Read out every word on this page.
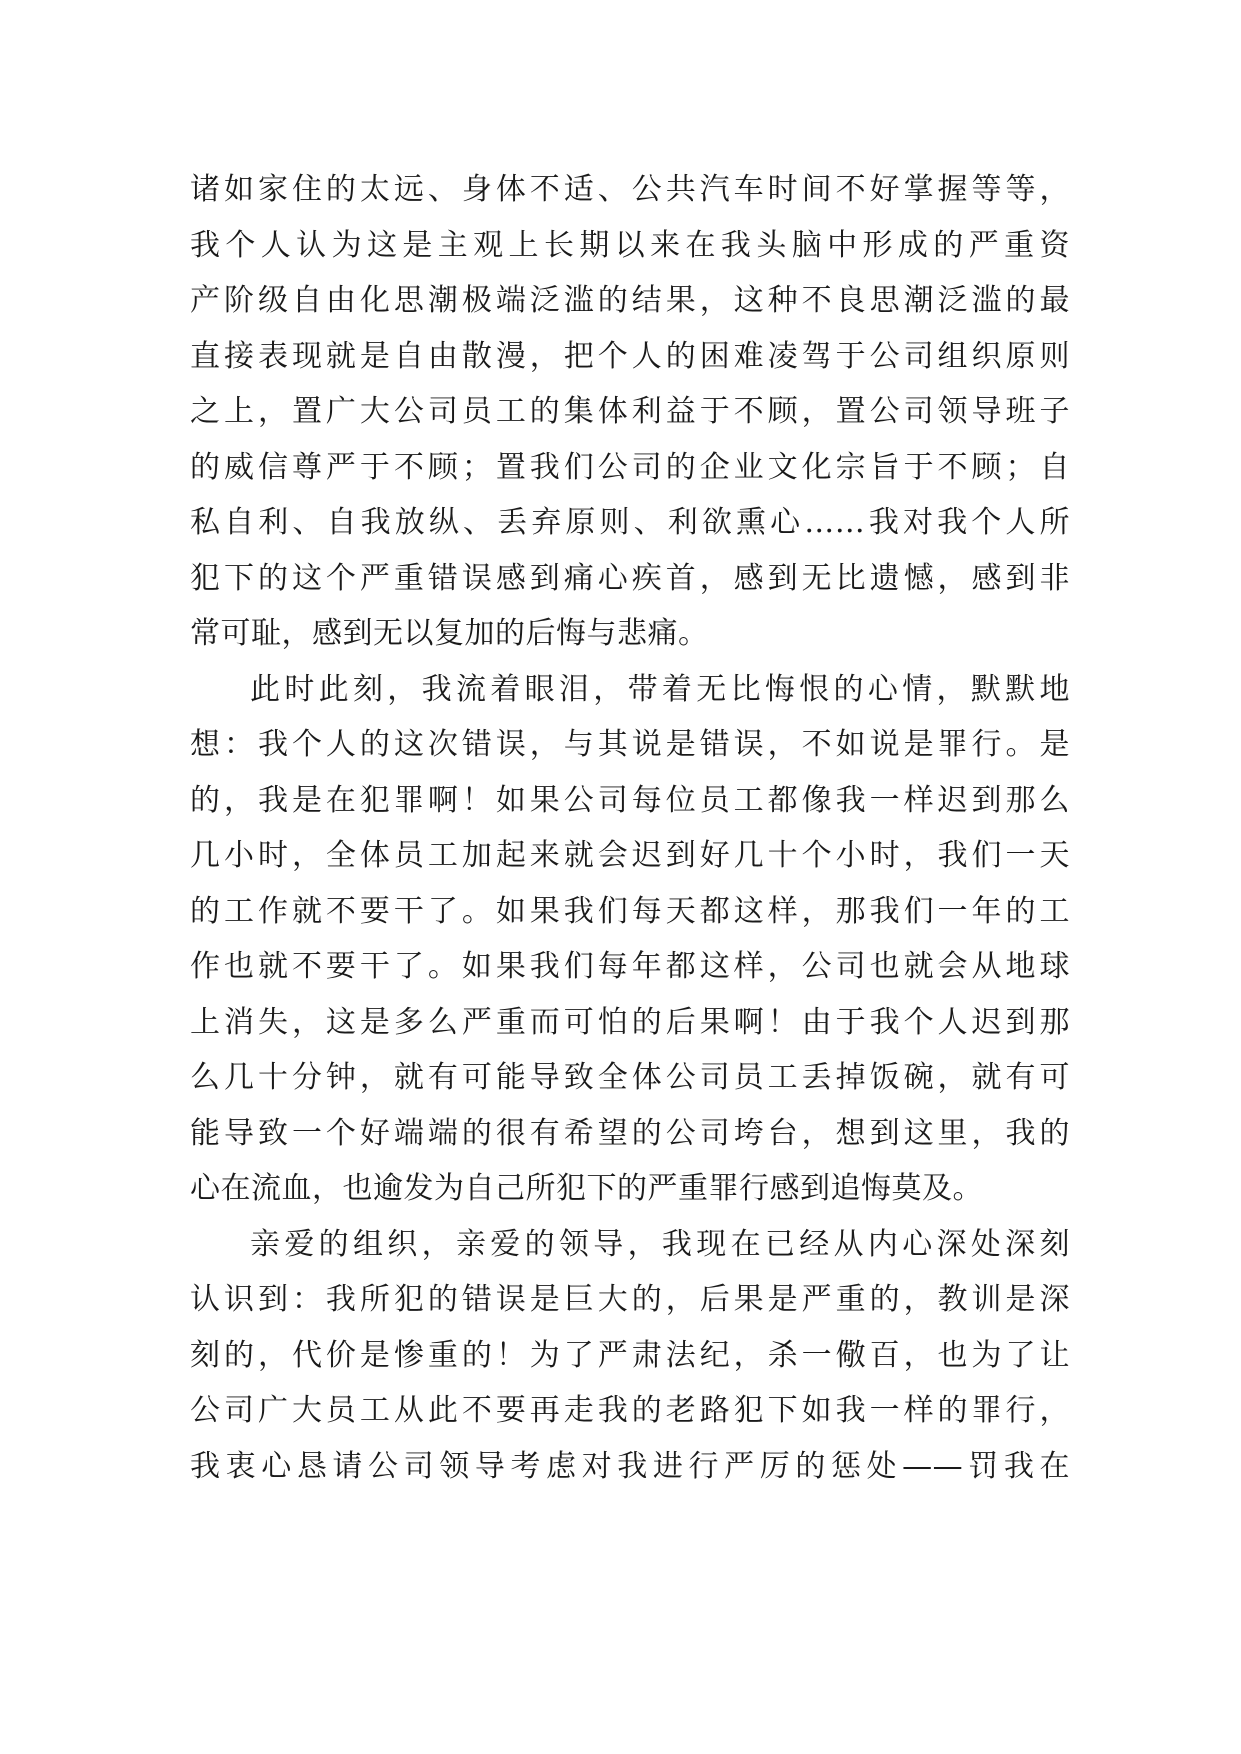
诸如家住的太远、身体不适、公共汽车时间不好掌握等等，
我个人认为这是主观上长期以来在我头脑中形成的严重资
产阶级自由化思潮极端泛滥的结果，这种不良思潮泛滥的最
直接表现就是自由散漫，把个人的困难凌驾于公司组织原则
之上，置广大公司员工的集体利益于不顾，置公司领导班子
的威信尊严于不顾；置我们公司的企业文化宗旨于不顾；自
私自利、自我放纵、丢弃原则、利欲熏心……我对我个人所
犯下的这个严重错误感到痛心疾首，感到无比遗憾，感到非
常可耻，感到无以复加的后悔与悲痛。
此时此刻，我流着眼泪，带着无比悔恨的心情，默默地
想：我个人的这次错误，与其说是错误，不如说是罪行。是
的，我是在犯罪啊！如果公司每位员工都像我一样迟到那么
几小时，全体员工加起来就会迟到好几十个小时，我们一天
的工作就不要干了。如果我们每天都这样，那我们一年的工
作也就不要干了。如果我们每年都这样，公司也就会从地球
上消失，这是多么严重而可怕的后果啊！由于我个人迟到那
么几十分钟，就有可能导致全体公司员工丢掉饭碗，就有可
能导致一个好端端的很有希望的公司垮台，想到这里，我的
心在流血，也逾发为自己所犯下的严重罪行感到追悔莫及。
亲爱的组织，亲爱的领导，我现在已经从内心深处深刻
认识到：我所犯的错误是巨大的，后果是严重的，教训是深
刻的，代价是惨重的！为了严肃法纪，杀一儆百，也为了让
公司广大员工从此不要再走我的老路犯下如我一样的罪行，
我衷心恳请公司领导考虑对我进行严厉的惩处——罚我在
